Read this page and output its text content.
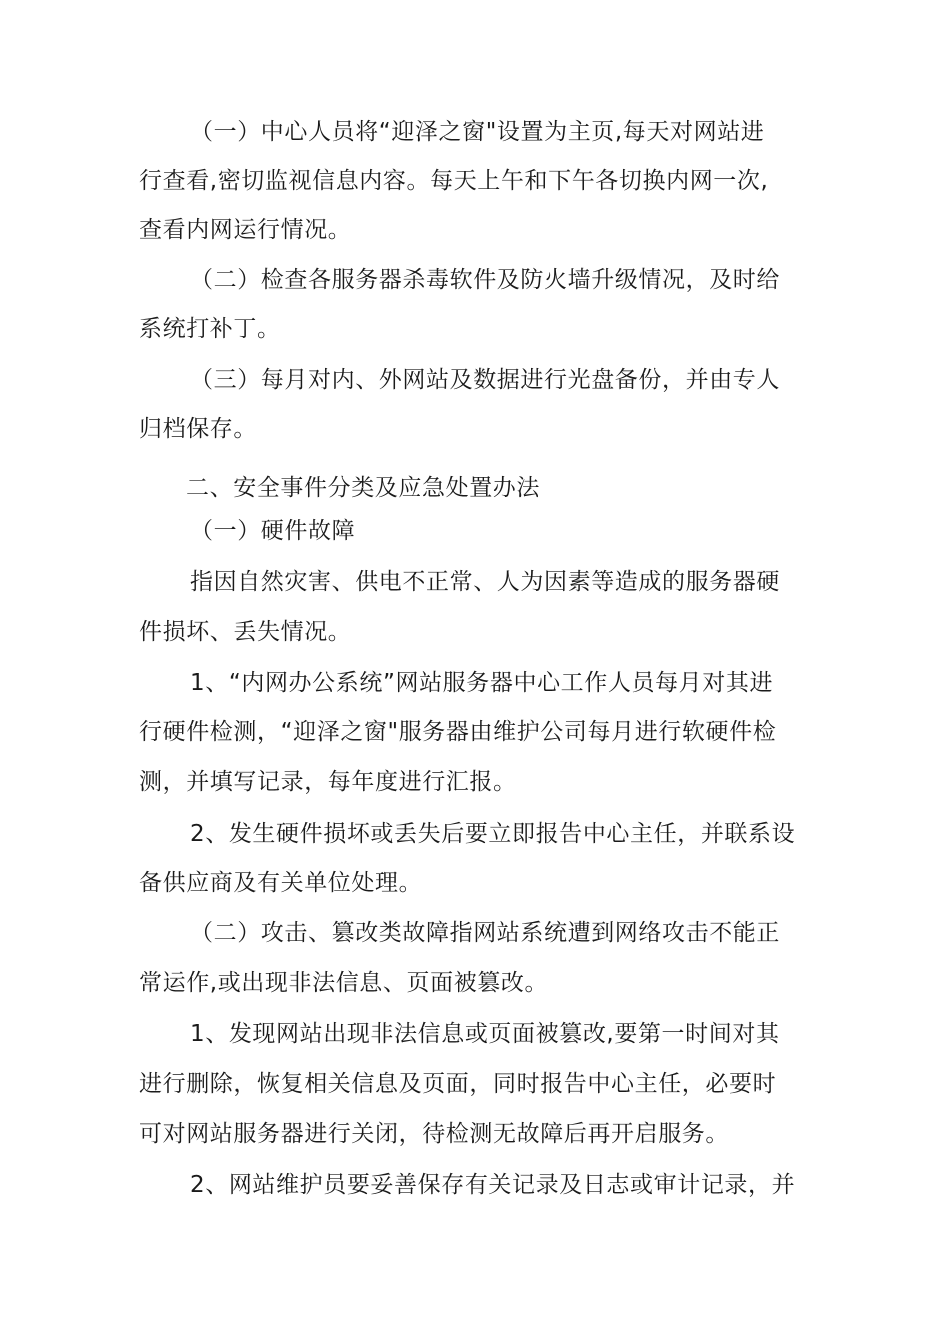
（一）中心人员将“迎泽之窗"设置为主页,每天对网站进
行查看,密切监视信息内容。每天上午和下午各切换内网一次,
查看内网运行情况。
（二）检查各服务器杀毒软件及防火墙升级情况，及时给
系统打补丁。
（三）每月对内、外网站及数据进行光盘备份，并由专人
归档保存。
二、安全事件分类及应急处置办法
（一）硬件故障
指因自然灾害、供电不正常、人为因素等造成的服务器硬
件损坏、丢失情况。
1、“内网办公系统”网站服务器中心工作人员每月对其进
行硬件检测，“迎泽之窗"服务器由维护公司每月进行软硬件检
测，并填写记录，每年度进行汇报。
2、发生硬件损坏或丢失后要立即报告中心主任，并联系设
备供应商及有关单位处理。
（二）攻击、篡改类故障指网站系统遭到网络攻击不能正
常运作,或出现非法信息、页面被篡改。
1、发现网站出现非法信息或页面被篡改,要第一时间对其
进行删除，恢复相关信息及页面，同时报告中心主任，必要时
可对网站服务器进行关闭，待检测无故障后再开启服务。
2、网站维护员要妥善保存有关记录及日志或审计记录，并
